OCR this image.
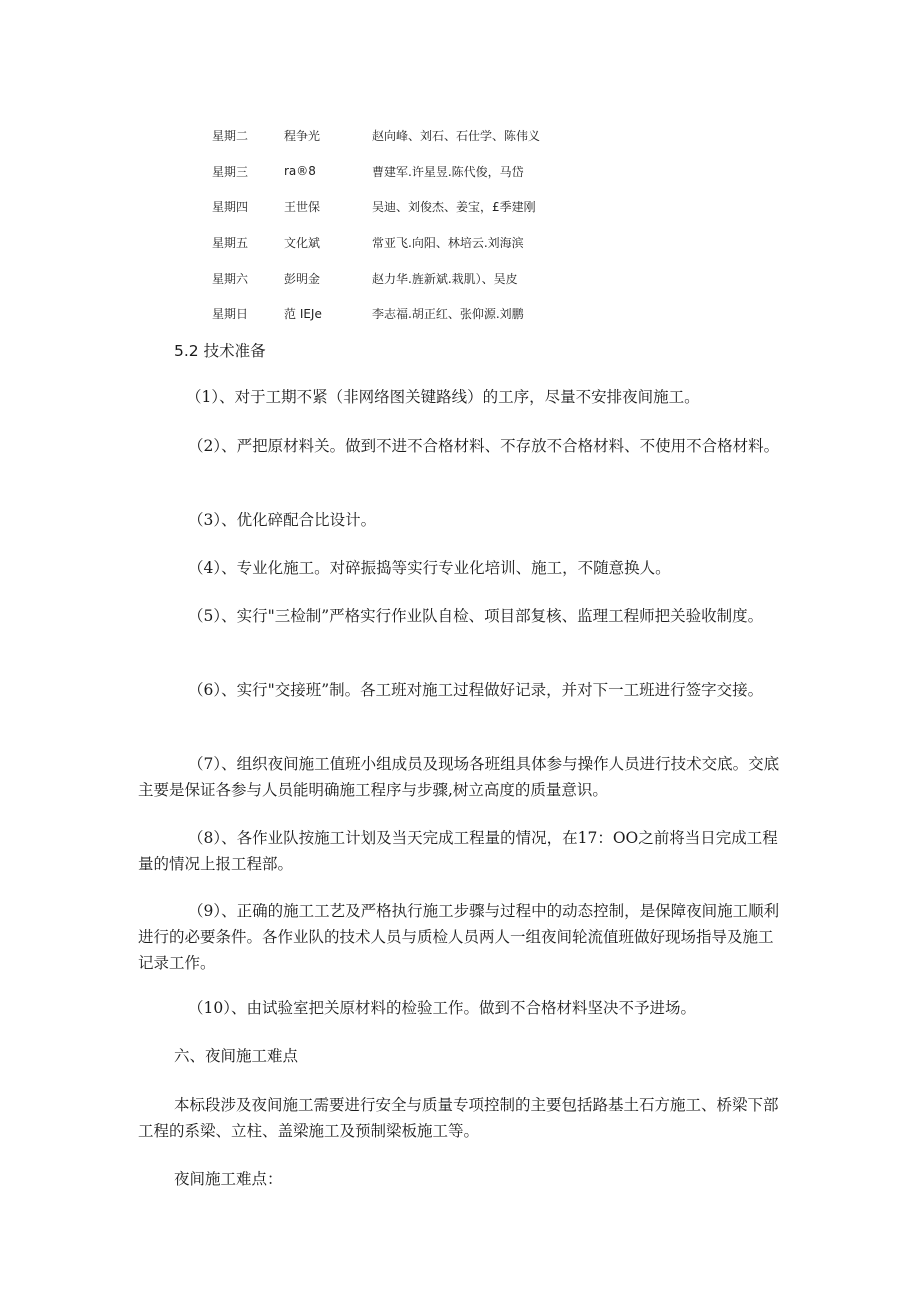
星期二	程争光	赵向峰、刘石、石仕学、陈伟义
星期三	ra®8	曹建军.许星昱.陈代俊，马岱
星期四	王世保	吴迪、刘俊杰、姜宝，£季建刚
星期五	文化斌	常亚飞.向阳、林培云.刘海滨
星期六	彭明金	赵力华.旌新斌.栽肌）、吴皮
星期日	范 IEJe	李志福.胡正红、张仰源.刘鹏
5.2 技术准备
（1）、对于工期不紧（非网络图关键路线）的工序，尽量不安排夜间施工。
（2）、严把原材料关。做到不进不合格材料、不存放不合格材料、不使用不合格材料。
（3）、优化碎配合比设计。
（4）、专业化施工。对碎振捣等实行专业化培训、施工，不随意换人。
（5）、实行"三检制”严格实行作业队自检、项目部复核、监理工程师把关验收制度。
（6）、实行"交接班”制。各工班对施工过程做好记录，并对下一工班进行签字交接。
（7）、组织夜间施工值班小组成员及现场各班组具体参与操作人员进行技术交底。交底主要是保证各参与人员能明确施工程序与步骤,树立高度的质量意识。
（8）、各作业队按施工计划及当天完成工程量的情况，在17：OO之前将当日完成工程量的情况上报工程部。
（9）、正确的施工工艺及严格执行施工步骤与过程中的动态控制，是保障夜间施工顺利进行的必要条件。各作业队的技术人员与质检人员两人一组夜间轮流值班做好现场指导及施工记录工作。
（10）、由试验室把关原材料的检验工作。做到不合格材料坚决不予进场。
六、夜间施工难点
本标段涉及夜间施工需要进行安全与质量专项控制的主要包括路基土石方施工、桥梁下部工程的系梁、立柱、盖梁施工及预制梁板施工等。
夜间施工难点：
